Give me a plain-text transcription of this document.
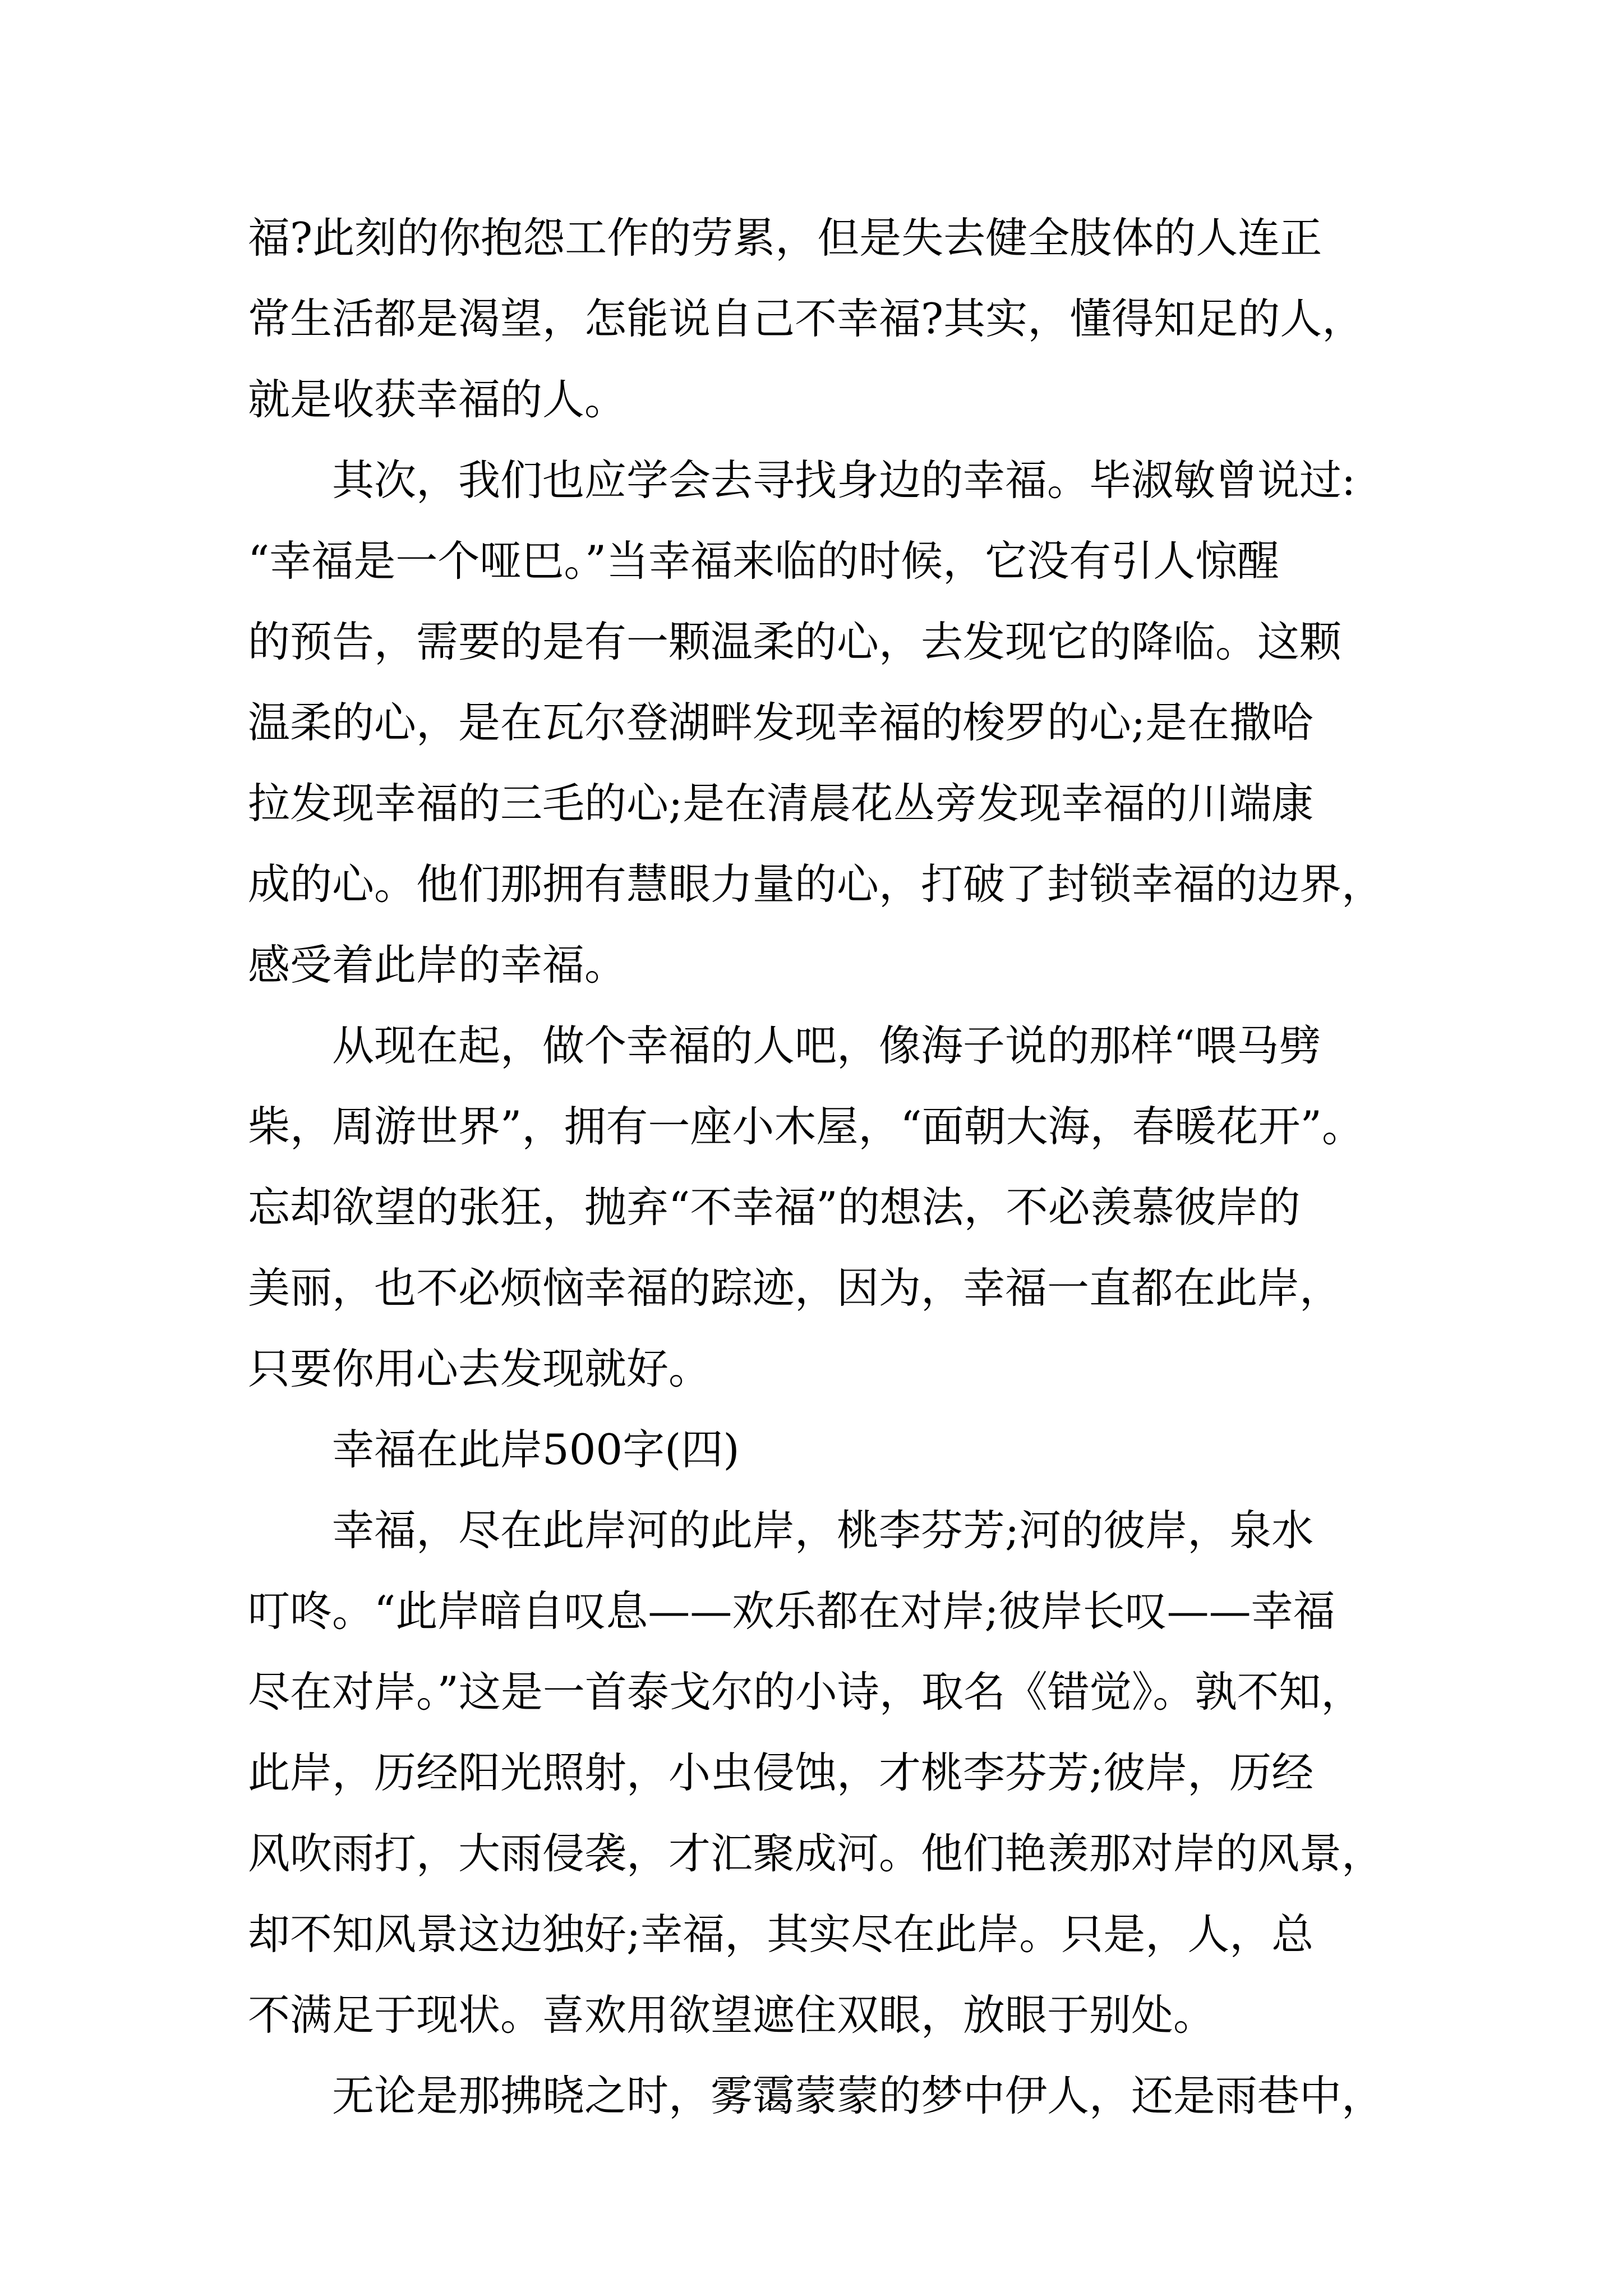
福?此刻的你抱怨工作的劳累，但是失去健全肢体的人连正
常生活都是渴望，怎能说自己不幸福?其实，懂得知足的人，
就是收获幸福的人。
其次，我们也应学会去寻找身边的幸福。毕淑敏曾说过:
“幸福是一个哑巴。”当幸福来临的时候，它没有引人惊醒
的预告，需要的是有一颗温柔的心，去发现它的降临。这颗
温柔的心，是在瓦尔登湖畔发现幸福的梭罗的心;是在撒哈
拉发现幸福的三毛的心;是在清晨花丛旁发现幸福的川端康
成的心。他们那拥有慧眼力量的心，打破了封锁幸福的边界，
感受着此岸的幸福。
从现在起，做个幸福的人吧，像海子说的那样“喂马劈
柴，周游世界”，拥有一座小木屋，“面朝大海，春暖花开”。
忘却欲望的张狂，抛弃“不幸福”的想法，不必羡慕彼岸的
美丽，也不必烦恼幸福的踪迹，因为，幸福一直都在此岸，
只要你用心去发现就好。
幸福在此岸500字(四)
幸福，尽在此岸河的此岸，桃李芬芳;河的彼岸，泉水
叮咚。“此岸暗自叹息——欢乐都在对岸;彼岸长叹——幸福
尽在对岸。”这是一首泰戈尔的小诗，取名《错觉》。孰不知，
此岸，历经阳光照射，小虫侵蚀，才桃李芬芳;彼岸，历经
风吹雨打，大雨侵袭，才汇聚成河。他们艳羡那对岸的风景，
却不知风景这边独好;幸福，其实尽在此岸。只是，人，总
不满足于现状。喜欢用欲望遮住双眼，放眼于别处。
无论是那拂晓之时，雾霭蒙蒙的梦中伊人，还是雨巷中，
